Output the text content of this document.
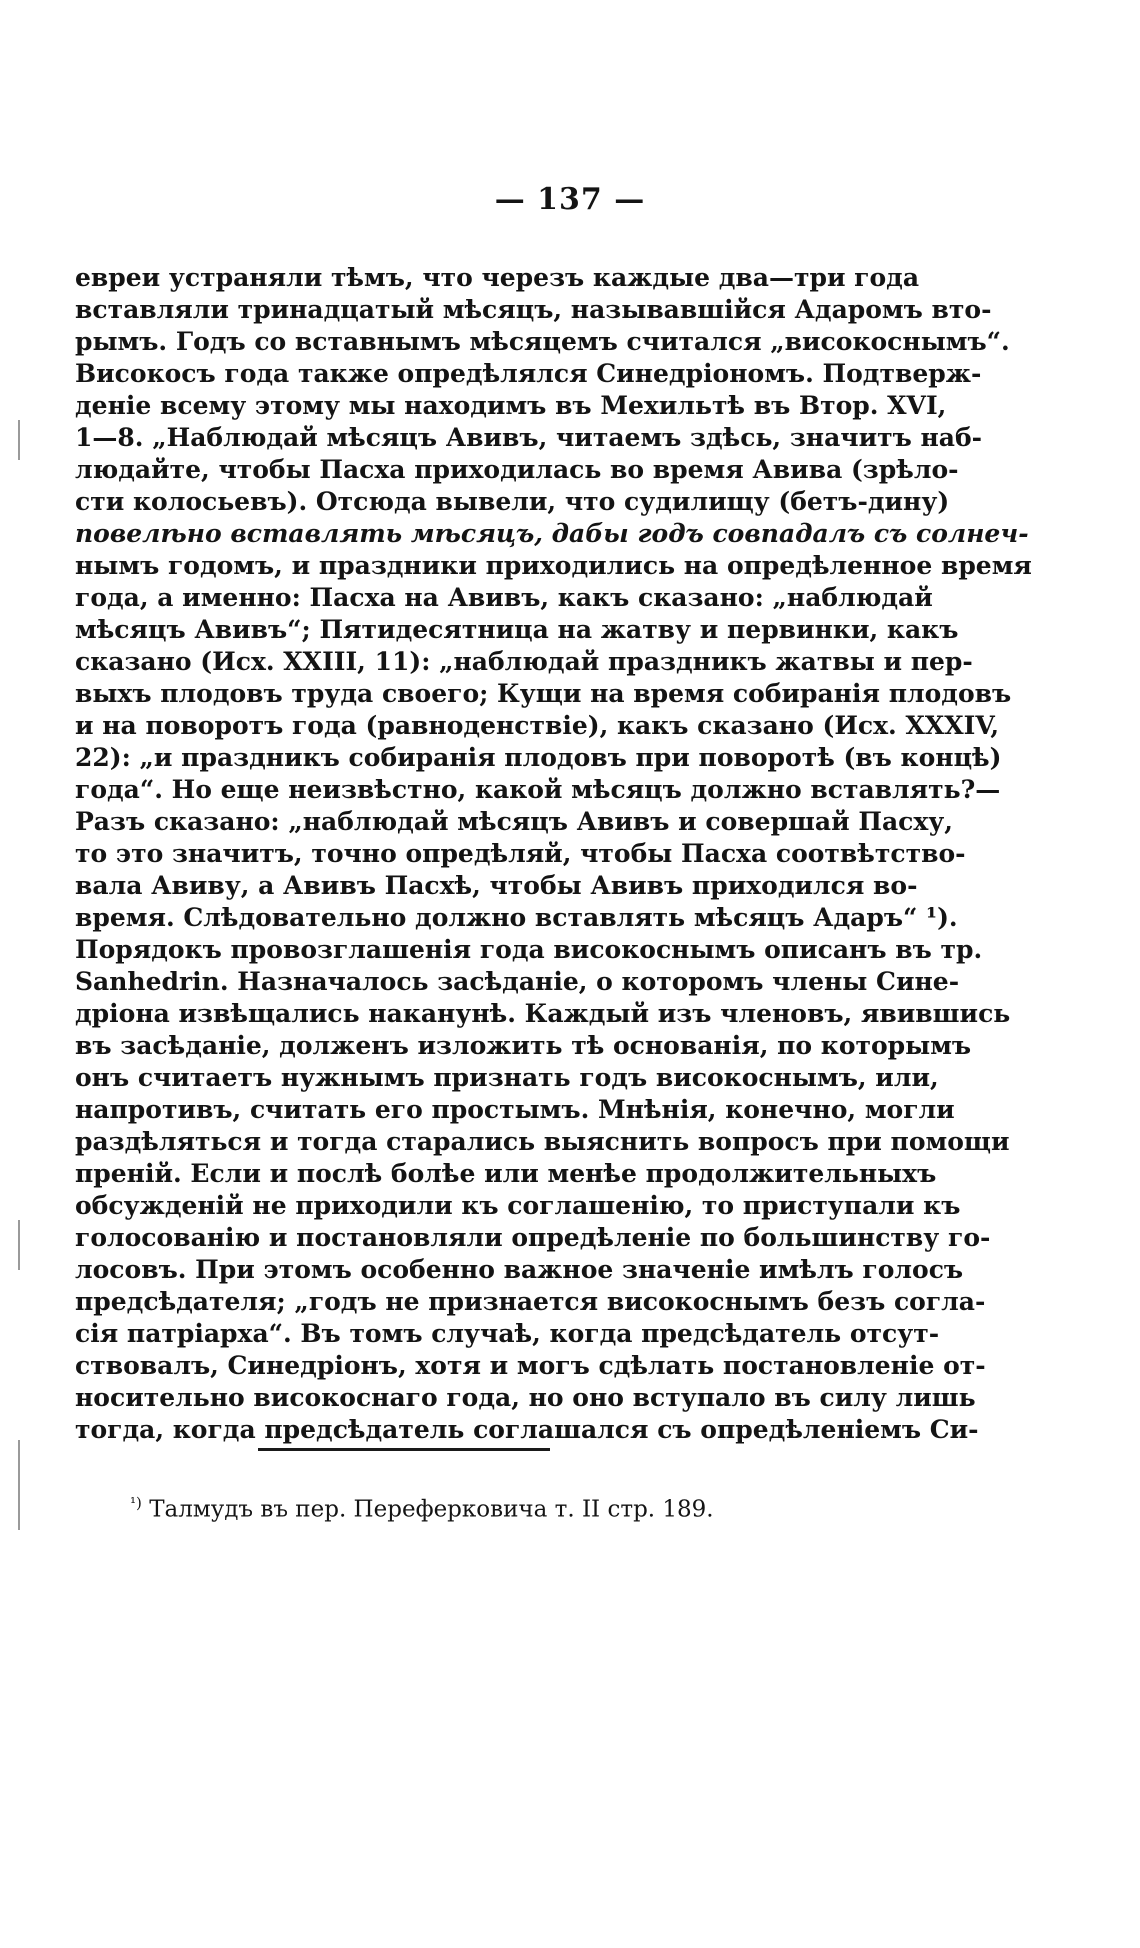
— 137 —
евреи устраняли тѣмъ, что черезъ каждые два—три года
вставляли тринадцатый мѣсяцъ, называвшійся Адаромъ вто-
рымъ. Годъ со вставнымъ мѣсяцемъ считался „високоснымъ“.
Високосъ года также опредѣлялся Синедріономъ. Подтверж-
деніе всему этому мы находимъ въ Мехильтѣ въ Втор. XVI,
1—8. „Наблюдай мѣсяцъ Авивъ, читаемъ здѣсь, значитъ наб-
людайте, чтобы Пасха приходилась во время Авива (зрѣло-
сти колосьевъ). Отсюда вывели, что судилищу (бетъ-дину)
повелѣно вставлять мѣсяцъ, дабы годъ совпадалъ съ солнеч-
нымъ годомъ, и праздники приходились на опредѣленное время
года, а именно: Пасха на Авивъ, какъ сказано: „наблюдай
мѣсяцъ Авивъ“; Пятидесятница на жатву и первинки, какъ
сказано (Исх. XXIII, 11): „наблюдай праздникъ жатвы и пер-
выхъ плодовъ труда своего; Кущи на время собиранія плодовъ
и на поворотъ года (равноденствіе), какъ сказано (Исх. XXXIV,
22): „и праздникъ собиранія плодовъ при поворотѣ (въ концѣ)
года“. Но еще неизвѣстно, какой мѣсяцъ должно вставлять?—
Разъ сказано: „наблюдай мѣсяцъ Авивъ и совершай Пасху,
то это значитъ, точно опредѣляй, чтобы Пасха соотвѣтство-
вала Авиву, а Авивъ Пасхѣ, чтобы Авивъ приходился во-
время. Слѣдовательно должно вставлять мѣсяцъ Адаръ“ ¹).
Порядокъ провозглашенія года високоснымъ описанъ въ тр.
Sanhedrin. Назначалось засѣданіе, о которомъ члены Сине-
дріона извѣщались наканунѣ. Каждый изъ членовъ, явившись
въ засѣданіе, долженъ изложить тѣ основанія, по которымъ
онъ считаетъ нужнымъ признать годъ високоснымъ, или,
напротивъ, считать его простымъ. Мнѣнія, конечно, могли
раздѣляться и тогда старались выяснить вопросъ при помощи
преній. Если и послѣ болѣе или менѣе продолжительныхъ
обсужденій не приходили къ соглашенію, то приступали къ
голосованію и постановляли опредѣленіе по большинству го-
лосовъ. При этомъ особенно важное значеніе имѣлъ голосъ
предсѣдателя; „годъ не признается високоснымъ безъ согла-
сія патріарха“. Въ томъ случаѣ, когда предсѣдатель отсут-
ствовалъ, Синедріонъ, хотя и могъ сдѣлать постановленіе от-
носительно високоснаго года, но оно вступало въ силу лишь
тогда, когда предсѣдатель соглашался съ опредѣленіемъ Си-
$^{^1)}$ Талмудъ въ пер. Переферковича т. II стр. 189.
